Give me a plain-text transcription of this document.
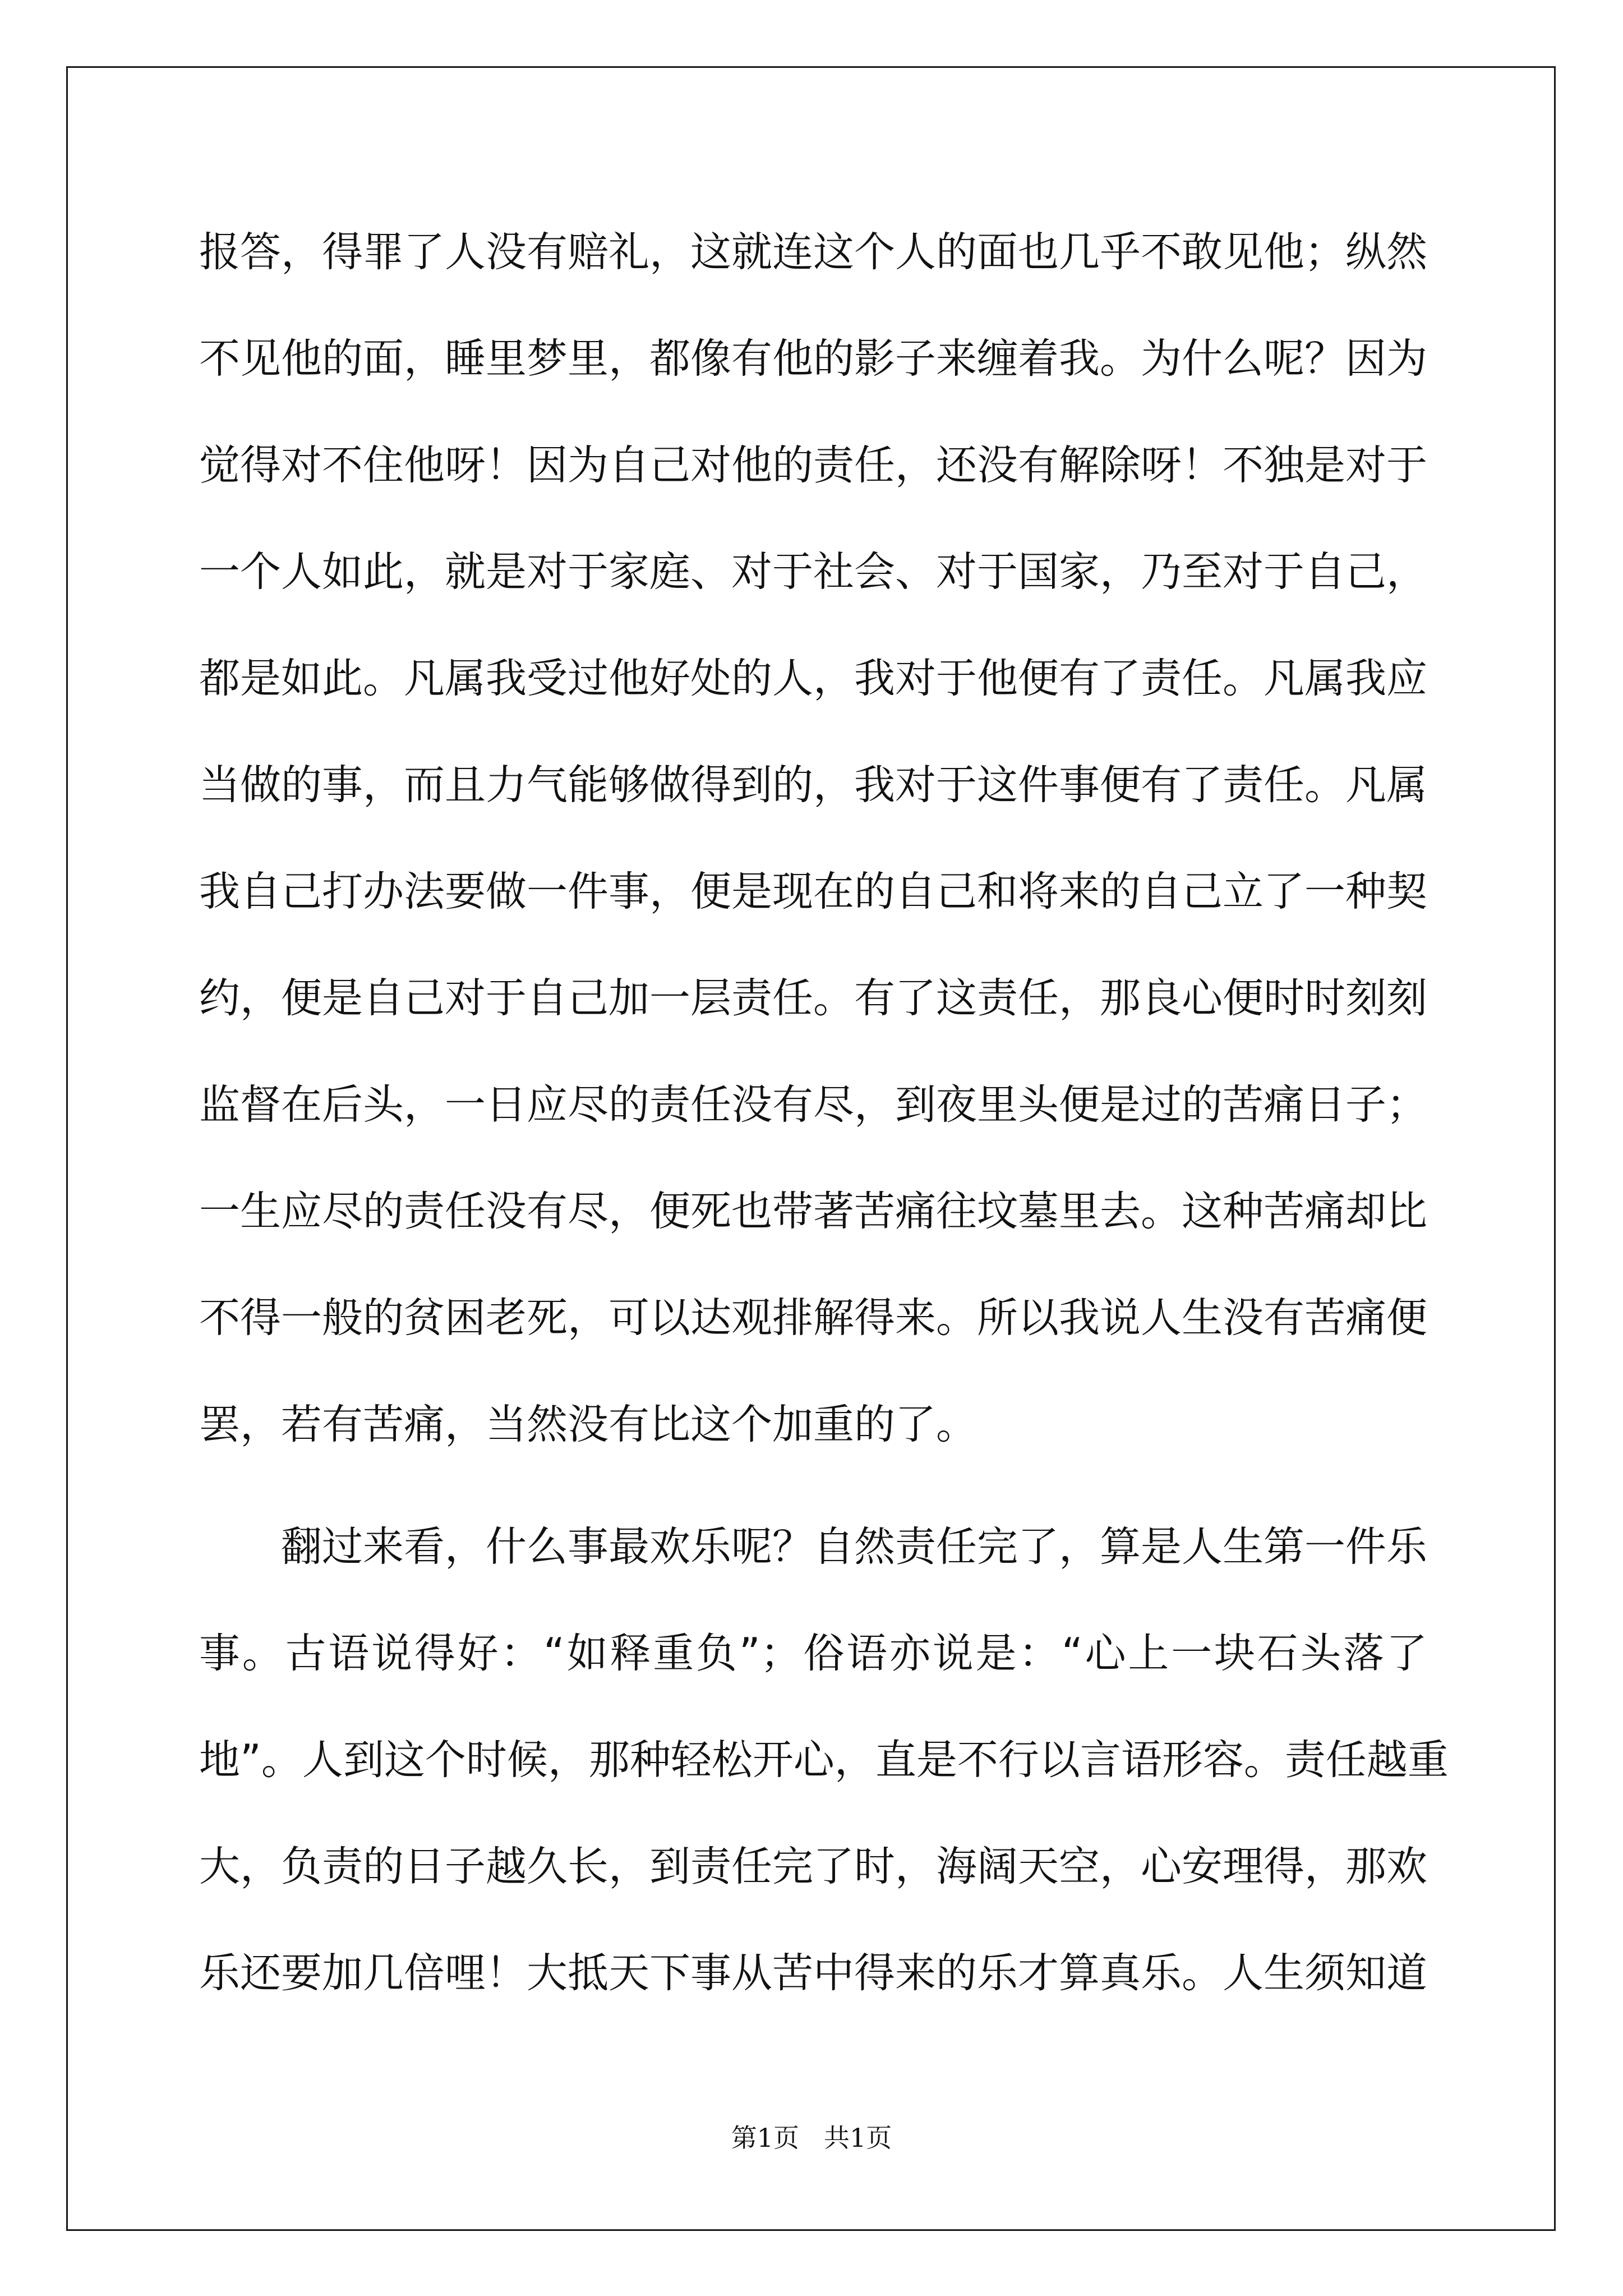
报答，得罪了人没有赔礼，这就连这个人的面也几乎不敢见他；纵然
不见他的面，睡里梦里，都像有他的影子来缠着我。为什么呢？因为
觉得对不住他呀！因为自己对他的责任，还没有解除呀！不独是对于
一个人如此，就是对于家庭、对于社会、对于国家，乃至对于自己，
都是如此。凡属我受过他好处的人，我对于他便有了责任。凡属我应
当做的事，而且力气能够做得到的，我对于这件事便有了责任。凡属
我自己打办法要做一件事，便是现在的自己和将来的自己立了一种契
约，便是自己对于自己加一层责任。有了这责任，那良心便时时刻刻
监督在后头，一日应尽的责任没有尽，到夜里头便是过的苦痛日子；
一生应尽的责任没有尽，便死也带著苦痛往坟墓里去。这种苦痛却比
不得一般的贫困老死，可以达观排解得来。所以我说人生没有苦痛便
罢，若有苦痛，当然没有比这个加重的了。
翻过来看，什么事最欢乐呢？自然责任完了，算是人生第一件乐
事。古语说得好：“如释重负”；俗语亦说是：“心上一块石头落了
地”。人到这个时候，那种轻松开心，直是不行以言语形容。责任越重
大，负责的日子越久长，到责任完了时，海阔天空，心安理得，那欢
乐还要加几倍哩！大抵天下事从苦中得来的乐才算真乐。人生须知道
第1页 共1页
